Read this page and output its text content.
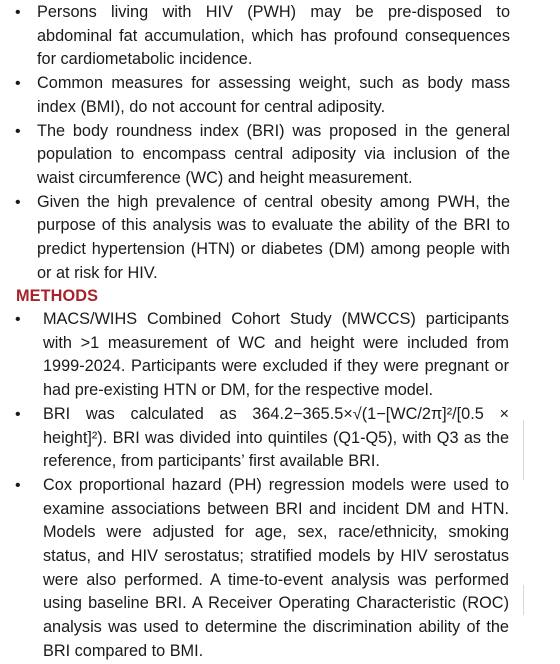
• Persons living with HIV (PWH) may be pre-disposed to abdominal fat accumulation, which has profound consequences for cardiometabolic incidence.
• Common measures for assessing weight, such as body mass index (BMI), do not account for central adiposity.
• The body roundness index (BRI) was proposed in the general population to encompass central adiposity via inclusion of the waist circumference (WC) and height measurement.
• Given the high prevalence of central obesity among PWH, the purpose of this analysis was to evaluate the ability of the BRI to predict hypertension (HTN) or diabetes (DM) among people with or at risk for HIV.
METHODS
• MACS/WIHS Combined Cohort Study (MWCCS) participants with >1 measurement of WC and height were included from 1999-2024. Participants were excluded if they were pregnant or had pre-existing HTN or DM, for the respective model.
• BRI was calculated as 364.2−365.5×√(1−[WC/2π]²/[0.5 × height]²). BRI was divided into quintiles (Q1-Q5), with Q3 as the reference, from participants’ first available BRI.
• Cox proportional hazard (PH) regression models were used to examine associations between BRI and incident DM and HTN. Models were adjusted for age, sex, race/ethnicity, smoking status, and HIV serostatus; stratified models by HIV serostatus were also performed. A time-to-event analysis was performed using baseline BRI. A Receiver Operating Characteristic (ROC) analysis was used to determine the discrimination ability of the BRI compared to BMI.
